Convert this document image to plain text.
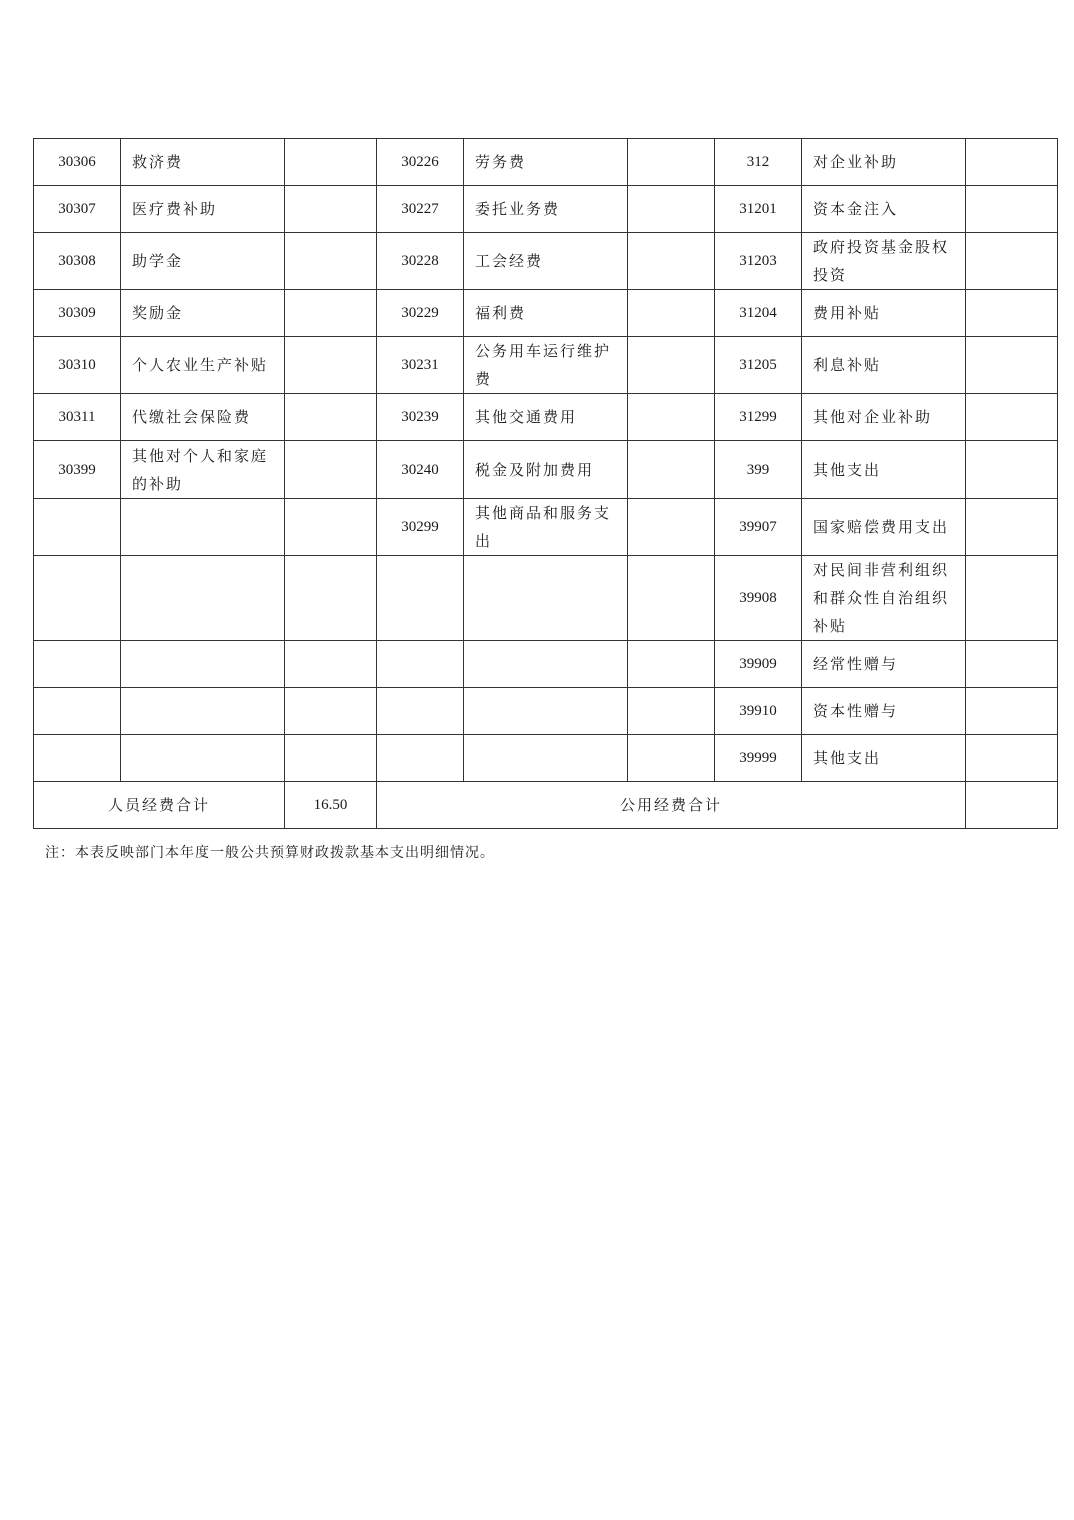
30306	救济费		30226	劳务费		312	对企业补助	
30307	医疗费补助		30227	委托业务费		31201	资本金注入	
30308	助学金		30228	工会经费		31203	政府投资基金股权投资	
30309	奖励金		30229	福利费		31204	费用补贴	
30310	个人农业生产补贴		30231	公务用车运行维护费		31205	利息补贴	
30311	代缴社会保险费		30239	其他交通费用		31299	其他对企业补助	
30399	其他对个人和家庭的补助		30240	税金及附加费用		399	其他支出	
			30299	其他商品和服务支出		39907	国家赔偿费用支出	
						39908	对民间非营利组织和群众性自治组织补贴	
						39909	经常性赠与	
						39910	资本性赠与	
						39999	其他支出	
人员经费合计		16.50	公用经费合计					
注：本表反映部门本年度一般公共预算财政拨款基本支出明细情况。
